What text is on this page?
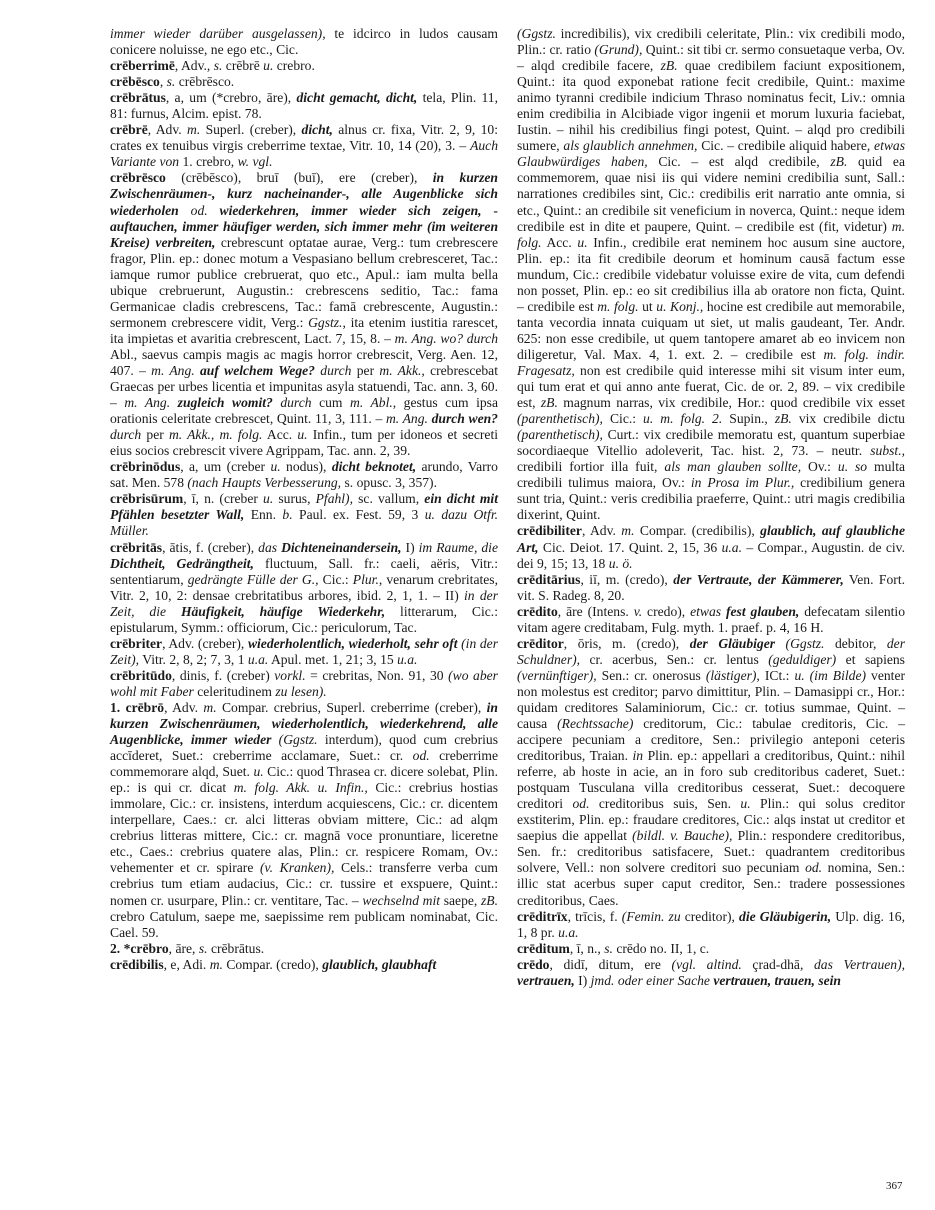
immer wieder darüber ausgelassen), te idcirco in ludos causam conicere noluisse, ne ego etc., Cic.

crēberrimē, Adv., s. crēbrē u. crebro.

crēbēsco, s. crēbrēsco.

crēbrātus, a, um (*crebro, āre), dicht gemacht, dicht, tela, Plin. 11, 81: furnus, Alcim. epist. 78.

crēbrē, Adv. m. Superl. (creber), dicht, alnus cr. fixa, Vitr. 2, 9, 10: crates ex tenuibus virgis creberrime textae, Vitr. 10, 14 (20), 3. – Auch Variante von 1. crebro, w. vgl.

crēbrēsco (crēbēsco), bruī (buī), ere (creber), in kurzen Zwischenräumen-, kurz nacheinander-, alle Augenblicke sich wiederholen od. wiederkehren, immer wieder sich zeigen, -auftauchen, immer häufiger werden, sich immer mehr (im weiteren Kreise) verbreiten, crebrescunt optatae aurae, Verg.: tum crebrescere fragor, Plin. ep.: donec motum a Vespasiano bellum crebresceret, Tac.: iamque rumor publice crebruerat, quo etc., Apul.: iam multa bella ubique crebruerunt, Augustin.: crebrescens seditio, Tac.: fama Germanicae cladis crebrescens, Tac.: famā crebrescente, Augustin.: sermonem crebrescere vidit, Verg.: Ggstz., ita etenim iustitia rarescet, ita impietas et avaritia crebrescent, Lact. 7, 15, 8. – m. Ang. wo? durch Abl., saevus campis magis ac magis horror crebrescit, Verg. Aen. 12, 407. – m. Ang. auf welchem Wege? durch per m. Akk., crebrescebat Graecas per urbes licentia et impunitas asyla statuendi, Tac. ann. 3, 60. – m. Ang. zugleich womit? durch cum m. Abl., gestus cum ipsa orationis celeritate crebrescet, Quint. 11, 3, 111. – m. Ang. durch wen? durch per m. Akk., m. folg. Acc. u. Infin., tum per idoneos et secreti eius socios crebrescit vivere Agrippam, Tac. ann. 2, 39.

crēbrinōdus, a, um (creber u. nodus), dicht beknotet, arundo, Varro sat. Men. 578 (nach Haupts Verbesserung, s. opusc. 3, 357).

crēbrisūrum, ī, n. (creber u. surus, Pfahl), sc. vallum, ein dicht mit Pfählen besetzter Wall, Enn. b. Paul. ex. Fest. 59, 3 u. dazu Otfr. Müller.

crēbritās, ātis, f. (creber), das Dichteneinandersein, I) im Raume, die Dichtheit, Gedrängtheit, fluctuum, Sall. fr.: caeli, aëris, Vitr.: sententiarum, gedrängte Fülle der G., Cic.: Plur., venarum crebritates, Vitr. 2, 10, 2: densae crebritatibus arbores, ibid. 2, 1, 1. – II) in der Zeit, die Häufigkeit, häufige Wiederkehr, litterarum, Cic.: epistularum, Symm.: officiorum, Cic.: periculorum, Tac.

crēbriter, Adv. (creber), wiederholentlich, wiederholt, sehr oft (in der Zeit), Vitr. 2, 8, 2; 7, 3, 1 u.a. Apul. met. 1, 21; 3, 15 u.a.

crēbritūdo, dinis, f. (creber) vorkl. = crebritas, Non. 91, 30 (wo aber wohl mit Faber celeritudinem zu lesen).

1. crēbrō, Adv. m. Compar. crebrius, Superl. creberrime (creber), in kurzen Zwischenräumen, wiederholentlich, wiederkehrend, alle Augenblicke, immer wieder (Ggstz. interdum), quod cum crebrius accīderet, Suet.: creberrime acclamare, Suet.: cr. od. creberrime commemorare alqd, Suet. u. Cic.: quod Thrasea cr. dicere solebat, Plin. ep.: is qui cr. dicat m. folg. Akk. u. Infin., Cic.: crebrius hostias immolare, Cic.: cr. insistens, interdum acquiescens, Cic.: cr. dicentem interpellare, Caes.: cr. alci litteras obviam mittere, Cic.: ad alqm crebrius litteras mittere, Cic.: cr. magnā voce pronuntiare, liceretne etc., Caes.: crebrius quatere alas, Plin.: cr. respicere Romam, Ov.: vehementer et cr. spirare (v. Kranken), Cels.: transferre verba cum crebrius tum etiam audacius, Cic.: cr. tussire et exspuere, Quint.: nomen cr. usurpare, Plin.: cr. ventitare, Tac. – wechselnd mit saepe, zB. crebro Catulum, saepe me, saepissime rem publicam nominabat, Cic. Cael. 59.

2. *crēbro, āre, s. crēbrātus.

crēdibilis, e, Adi. m. Compar. (credo), glaublich, glaubhaft

(Ggstz. incredibilis), vix credibili celeritate, Plin.: vix credibili modo, Plin.: cr. ratio (Grund), Quint.: sit tibi cr. sermo consuetaque verba, Ov. – alqd credibile facere, zB. quae credibilem faciunt expositionem, Quint.: ita quod exponebat ratione fecit credibile, Quint.: maxime animo tyranni credibile indicium Thraso nominatus fecit, Liv.: omnia enim credibilia in Alcibiade vigor ingenii et morum luxuria faciebat, Iustin. – nihil his credibilius fingi potest, Quint. – alqd pro credibili sumere, als glaublich annehmen, Cic. – credibile aliquid habere, etwas Glaubwürdiges haben, Cic. – est alqd credibile, zB. quid ea commemorem, quae nisi iis qui videre nemini credibilia sunt, Sall.: narrationes credibiles sint, Cic.: credibilis erit narratio ante omnia, si etc., Quint.: an credibile sit veneficium in noverca, Quint.: neque idem credibile est in dite et paupere, Quint. – credibile est (fit, videtur) m. folg. Acc. u. Infin., credibile erat neminem hoc ausum sine auctore, Plin. ep.: ita fit credibile deorum et hominum causā factum esse mundum, Cic.: credibile videbatur voluisse exire de vita, cum defendi non posset, Plin. ep.: eo sit credibilius illa ab oratore non ficta, Quint. – credibile est m. folg. ut u. Konj., hocine est credibile aut memorabile, tanta vecordia innata cuiquam ut siet, ut malis gaudeant, Ter. Andr. 625: non esse credibile, ut quem tantopere amaret ab eo invicem non diligeretur, Val. Max. 4, 1. ext. 2. – credibile est m. folg. indir. Fragesatz, non est credibile quid interesse mihi sit visum inter eum, qui tum erat et qui anno ante fuerat, Cic. de or. 2, 89. – vix credibile est, zB. magnum narras, vix credibile, Hor.: quod credibile vix esset (parenthetisch), Cic.: u. m. folg. 2. Supin., zB. vix credibile dictu (parenthetisch), Curt.: vix credibile memoratu est, quantum superbiae socordiaeque Vitellio adoleverit, Tac. hist. 2, 73. – neutr. subst., credibili fortior illa fuit, als man glauben sollte, Ov.: u. so multa credibili tulimus maiora, Ov.: in Prosa im Plur., credibilium genera sunt tria, Quint.: veris credibilia praeferre, Quint.: utri magis credibilia dixerint, Quint.

crēdibiliter, Adv. m. Compar. (credibilis), glaublich, auf glaubliche Art, Cic. Deiot. 17. Quint. 2, 15, 36 u.a. – Compar., Augustin. de civ. dei 9, 15; 13, 18 u. ö.

crēditārius, iī, m. (credo), der Vertraute, der Kämmerer, Ven. Fort. vit. S. Radeg. 8, 20.

crēdito, āre (Intens. v. credo), etwas fest glauben, defecatam silentio vitam agere creditabam, Fulg. myth. 1. praef. p. 4, 16 H.

crēditor, ōris, m. (credo), der Gläubiger (Ggstz. debitor, der Schuldner), cr. acerbus, Sen.: cr. lentus (geduldiger) et sapiens (vernünftiger), Sen.: cr. onerosus (lästiger), ICt.: u. (im Bilde) venter non molestus est creditor; parvo dimittitur, Plin. – Damasippi cr., Hor.: quidam creditores Salaminiorum, Cic.: cr. totius summae, Quint. – causa (Rechtssache) creditorum, Cic.: tabulae creditoris, Cic. – accipere pecuniam a creditore, Sen.: privilegio anteponi ceteris creditoribus, Traian. in Plin. ep.: appellari a creditoribus, Quint.: nihil referre, ab hoste in acie, an in foro sub creditoribus caderet, Suet.: postquam Tusculana villa creditoribus cesserat, Suet.: decoquere creditori od. creditoribus suis, Sen. u. Plin.: qui solus creditor exstiterim, Plin. ep.: fraudare creditores, Cic.: alqs instat ut creditor et saepius die appellat (bildl. v. Bauche), Plin.: respondere creditoribus, Sen. fr.: creditoribus satisfacere, Suet.: quadrantem creditoribus solvere, Vell.: non solvere creditori suo pecuniam od. nomina, Sen.: illic stat acerbus super caput creditor, Sen.: tradere possessiones creditoribus, Caes.

crēditrīx, trīcis, f. (Femin. zu creditor), die Gläubigerin, Ulp. dig. 16, 1, 8 pr. u.a.

crēditum, ī, n., s. crēdo no. II, 1, c.

crēdo, didī, ditum, ere (vgl. altind. çrad-dhā, das Vertrauen), vertrauen, I) jmd. oder einer Sache vertrauen, trauen, sein

367
